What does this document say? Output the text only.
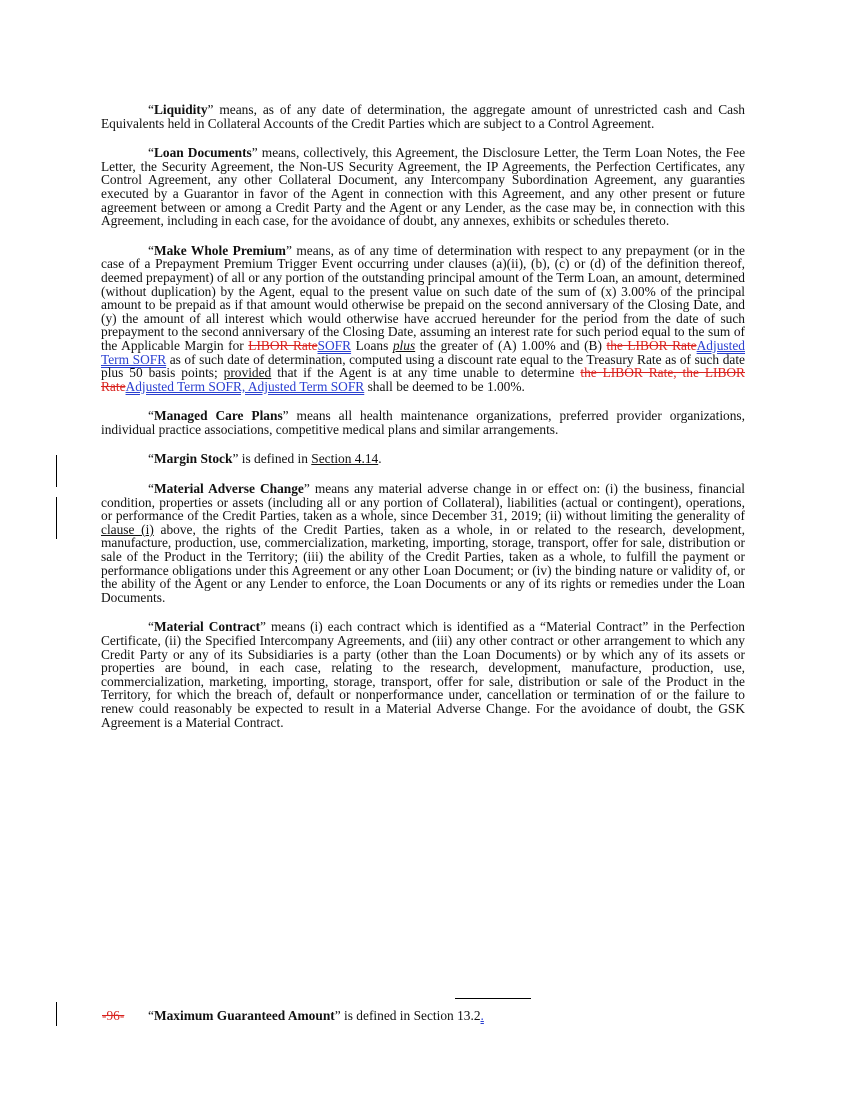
“Liquidity” means, as of any date of determination, the aggregate amount of unrestricted cash and Cash Equivalents held in Collateral Accounts of the Credit Parties which are subject to a Control Agreement.

“Loan Documents” means, collectively, this Agreement, the Disclosure Letter, the Term Loan Notes, the Fee Letter, the Security Agreement, the Non-US Security Agreement, the IP Agreements, the Perfection Certificates, any Control Agreement, any other Collateral Document, any Intercompany Subordination Agreement, any guaranties executed by a Guarantor in favor of the Agent in connection with this Agreement, and any other present or future agreement between or among a Credit Party and the Agent or any Lender, as the case may be, in connection with this Agreement, including in each case, for the avoidance of doubt, any annexes, exhibits or schedules thereto.

“Make Whole Premium” means, as of any time of determination with respect to any prepayment (or in the case of a Prepayment Premium Trigger Event occurring under clauses (a)(ii), (b), (c) or (d) of the definition thereof, deemed prepayment) of all or any portion of the outstanding principal amount of the Term Loan, an amount, determined (without duplication) by the Agent, equal to the present value on such date of the sum of (x) 3.00% of the principal amount to be prepaid as if that amount would otherwise be prepaid on the second anniversary of the Closing Date, and (y) the amount of all interest which would otherwise have accrued hereunder for the period from the date of such prepayment to the second anniversary of the Closing Date, assuming an interest rate for such period equal to the sum of the Applicable Margin for LIBOR RateSOFR Loans plus the greater of (A) 1.00% and (B) the LIBOR RateAdjusted Term SOFR as of such date of determination, computed using a discount rate equal to the Treasury Rate as of such date plus 50 basis points; provided that if the Agent is at any time unable to determine the LIBOR Rate, the LIBOR RateAdjusted Term SOFR, Adjusted Term SOFR shall be deemed to be 1.00%.

“Managed Care Plans” means all health maintenance organizations, preferred provider organizations, individual practice associations, competitive medical plans and similar arrangements.

“Margin Stock” is defined in Section 4.14.

“Material Adverse Change” means any material adverse change in or effect on: (i) the business, financial condition, properties or assets (including all or any portion of Collateral), liabilities (actual or contingent), operations, or performance of the Credit Parties, taken as a whole, since December 31, 2019; (ii) without limiting the generality of clause (i) above, the rights of the Credit Parties, taken as a whole, in or related to the research, development, manufacture, production, use, commercialization, marketing, importing, storage, transport, offer for sale, distribution or sale of the Product in the Territory; (iii) the ability of the Credit Parties, taken as a whole, to fulfill the payment or performance obligations under this Agreement or any other Loan Document; or (iv) the binding nature or validity of, or the ability of the Agent or any Lender to enforce, the Loan Documents or any of its rights or remedies under the Loan Documents.

“Material Contract” means (i) each contract which is identified as a “Material Contract” in the Perfection Certificate, (ii) the Specified Intercompany Agreements, and (iii) any other contract or other arrangement to which any Credit Party or any of its Subsidiaries is a party (other than the Loan Documents) or by which any of its assets or properties are bound, in each case, relating to the research, development, manufacture, production, use, commercialization, marketing, importing, storage, transport, offer for sale, distribution or sale of the Product in the Territory, for which the breach of, default or nonperformance under, cancellation or termination of or the failure to renew could reasonably be expected to result in a Material Adverse Change. For the avoidance of doubt, the GSK Agreement is a Material Contract.

-96- “Maximum Guaranteed Amount” is defined in Section 13.2.
